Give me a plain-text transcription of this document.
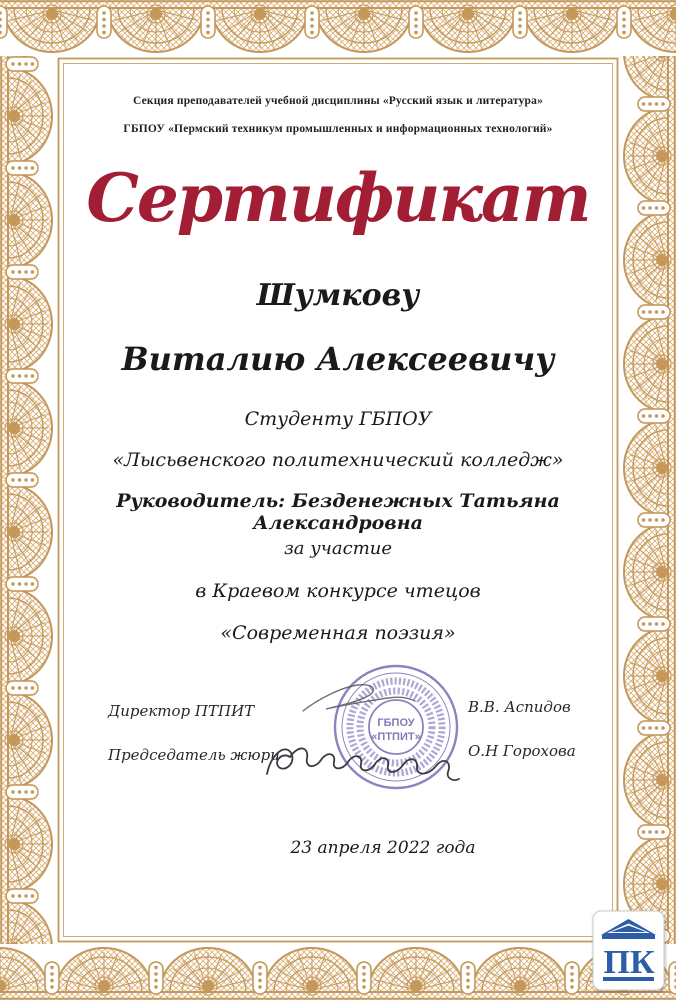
Секция преподавателей учебной дисциплины «Русский язык и литература»
ГБПОУ «Пермский техникум промышленных и информационных технологий»
Сертификат
Шумкову
Виталию Алексеевичу
Студенту ГБПОУ
«Лысьвенского политехнический колледж»
Руководитель: Безденежных Татьяна Александровна
за участие
в Краевом конкурсе чтецов
«Современная поэзия»
Директор ПТПИТ
Председатель жюри
В.В. Аспидов
О.Н Горохова
ГБПОУ
«ПТПИТ»
23 апреля 2022 года
ПК
